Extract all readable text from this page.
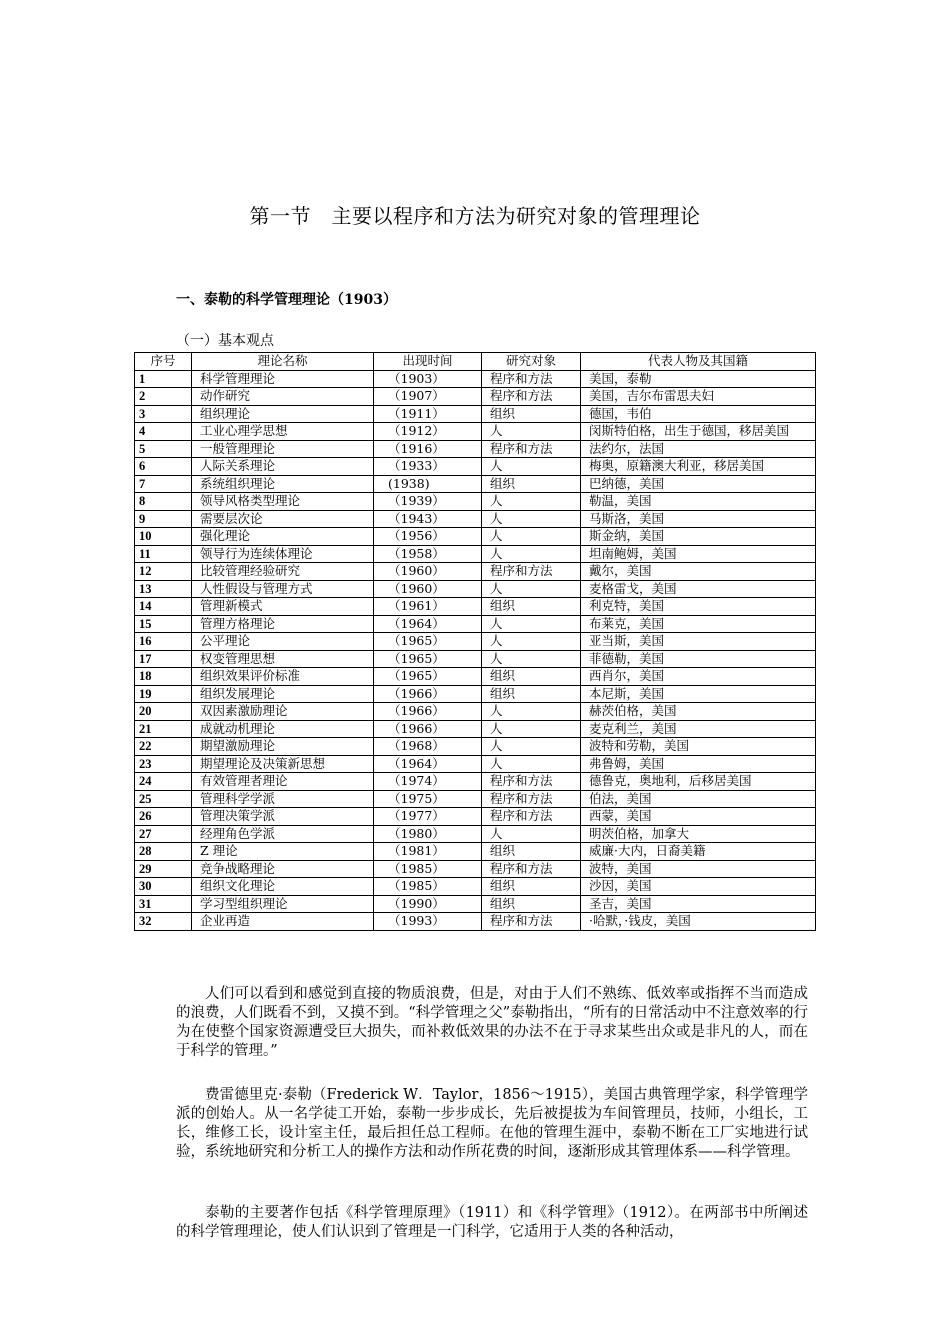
第一节　主要以程序和方法为研究对象的管理理论
一、泰勒的科学管理理论（1903）
（一）基本观点
序号	理论名称	出现时间	研究对象	代表人物及其国籍
1	科学管理理论	（1903）	程序和方法	美国，泰勒
2	动作研究	（1907）	程序和方法	美国，吉尔布雷思夫妇
3	组织理论	（1911）	组织	德国，韦伯
4	工业心理学思想	（1912）	人	闵斯特伯格，出生于德国，移居美国
5	一般管理理论	（1916）	程序和方法	法约尔，法国
6	人际关系理论	（1933）	人	梅奥，原籍澳大利亚，移居美国
7	系统组织理论	(1938)	组织	巴纳德，美国
8	领导风格类型理论	（1939）	人	勒温，美国
9	需要层次论	（1943）	人	马斯洛，美国
10	强化理论	（1956）	人	斯金纳，美国
11	领导行为连续体理论	（1958）	人	坦南鲍姆，美国
12	比较管理经验研究	（1960）	程序和方法	戴尔，美国
13	人性假设与管理方式	（1960）	人	麦格雷戈，美国
14	管理新模式	（1961）	组织	利克特，美国
15	管理方格理论	（1964）	人	布莱克，美国
16	公平理论	（1965）	人	亚当斯，美国
17	权变管理思想	（1965）	人	菲德勒，美国
18	组织效果评价标准	（1965）	组织	西肖尔，美国
19	组织发展理论	（1966）	组织	本尼斯，美国
20	双因素激励理论	（1966）	人	赫茨伯格，美国
21	成就动机理论	（1966）	人	麦克利兰，美国
22	期望激励理论	（1968）	人	波特和劳勒，美国
23	期望理论及决策新思想	（1964）	人	弗鲁姆，美国
24	有效管理者理论	（1974）	程序和方法	德鲁克，奥地利，后移居美国
25	管理科学学派	（1975）	程序和方法	伯法，美国
26	管理决策学派	（1977）	程序和方法	西蒙，美国
27	经理角色学派	（1980）	人	明茨伯格，加拿大
28	Z 理论	（1981）	组织	威廉·大内，日裔美籍
29	竞争战略理论	（1985）	程序和方法	波特，美国
30	组织文化理论	（1985）	组织	沙因，美国
31	学习型组织理论	（1990）	组织	圣吉，美国
32	企业再造	（1993）	程序和方法	·哈默，·钱皮，美国

人们可以看到和感觉到直接的物质浪费，但是，对由于人们不熟练、低效率或指挥不当而造成的浪费，人们既看不到，又摸不到。“科学管理之父”泰勒指出，“所有的日常活动中不注意效率的行为在使整个国家资源遭受巨大损失，而补救低效果的办法不在于寻求某些出众或是非凡的人，而在于科学的管理。”

费雷德里克·泰勒（Frederick W．Taylor，1856～1915），美国古典管理学家，科学管理学派的创始人。从一名学徒工开始，泰勒一步步成长，先后被提拔为车间管理员，技师，小组长，工长，维修工长，设计室主任，最后担任总工程师。在他的管理生涯中，泰勒不断在工厂实地进行试验，系统地研究和分析工人的操作方法和动作所花费的时间，逐渐形成其管理体系——科学管理。

泰勒的主要著作包括《科学管理原理》（1911）和《科学管理》（1912）。在两部书中所阐述的科学管理理论，使人们认识到了管理是一门科学，它适用于人类的各种活动，
